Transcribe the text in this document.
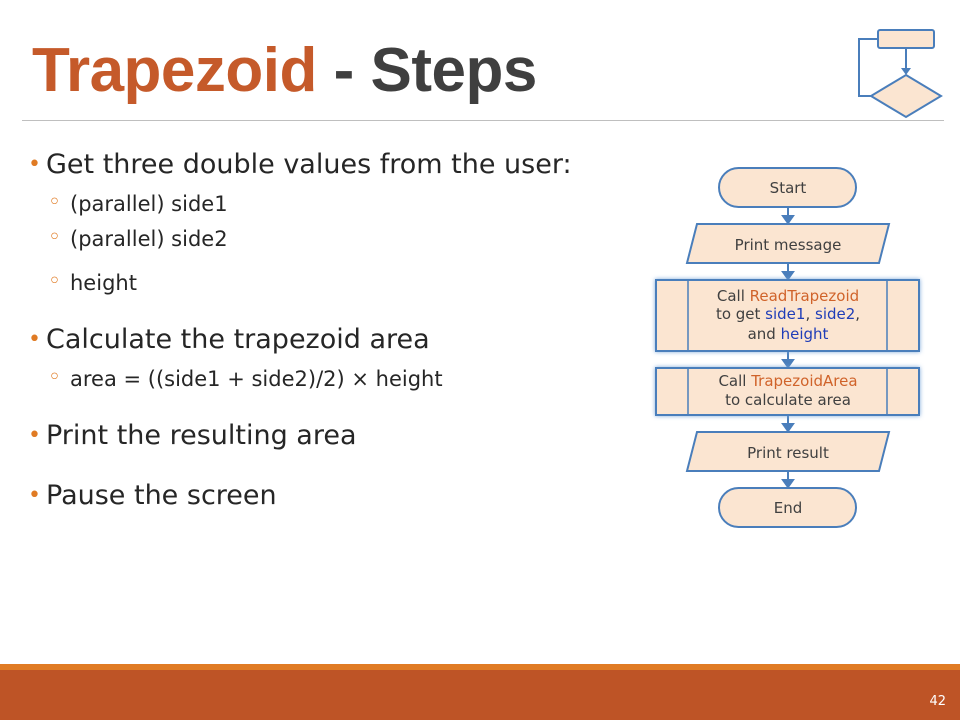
Trapezoid - Steps
• Get three double values from the user:
◦ (parallel) side1
◦ (parallel) side2
◦ height
• Calculate the trapezoid area
◦ area = ((side1 + side2)/2) × height
• Print the resulting area
• Pause the screen
Start
Print message
Call ReadTrapezoid
to get side1, side2,
and height
Call TrapezoidArea
to calculate area
Print result
End
42
